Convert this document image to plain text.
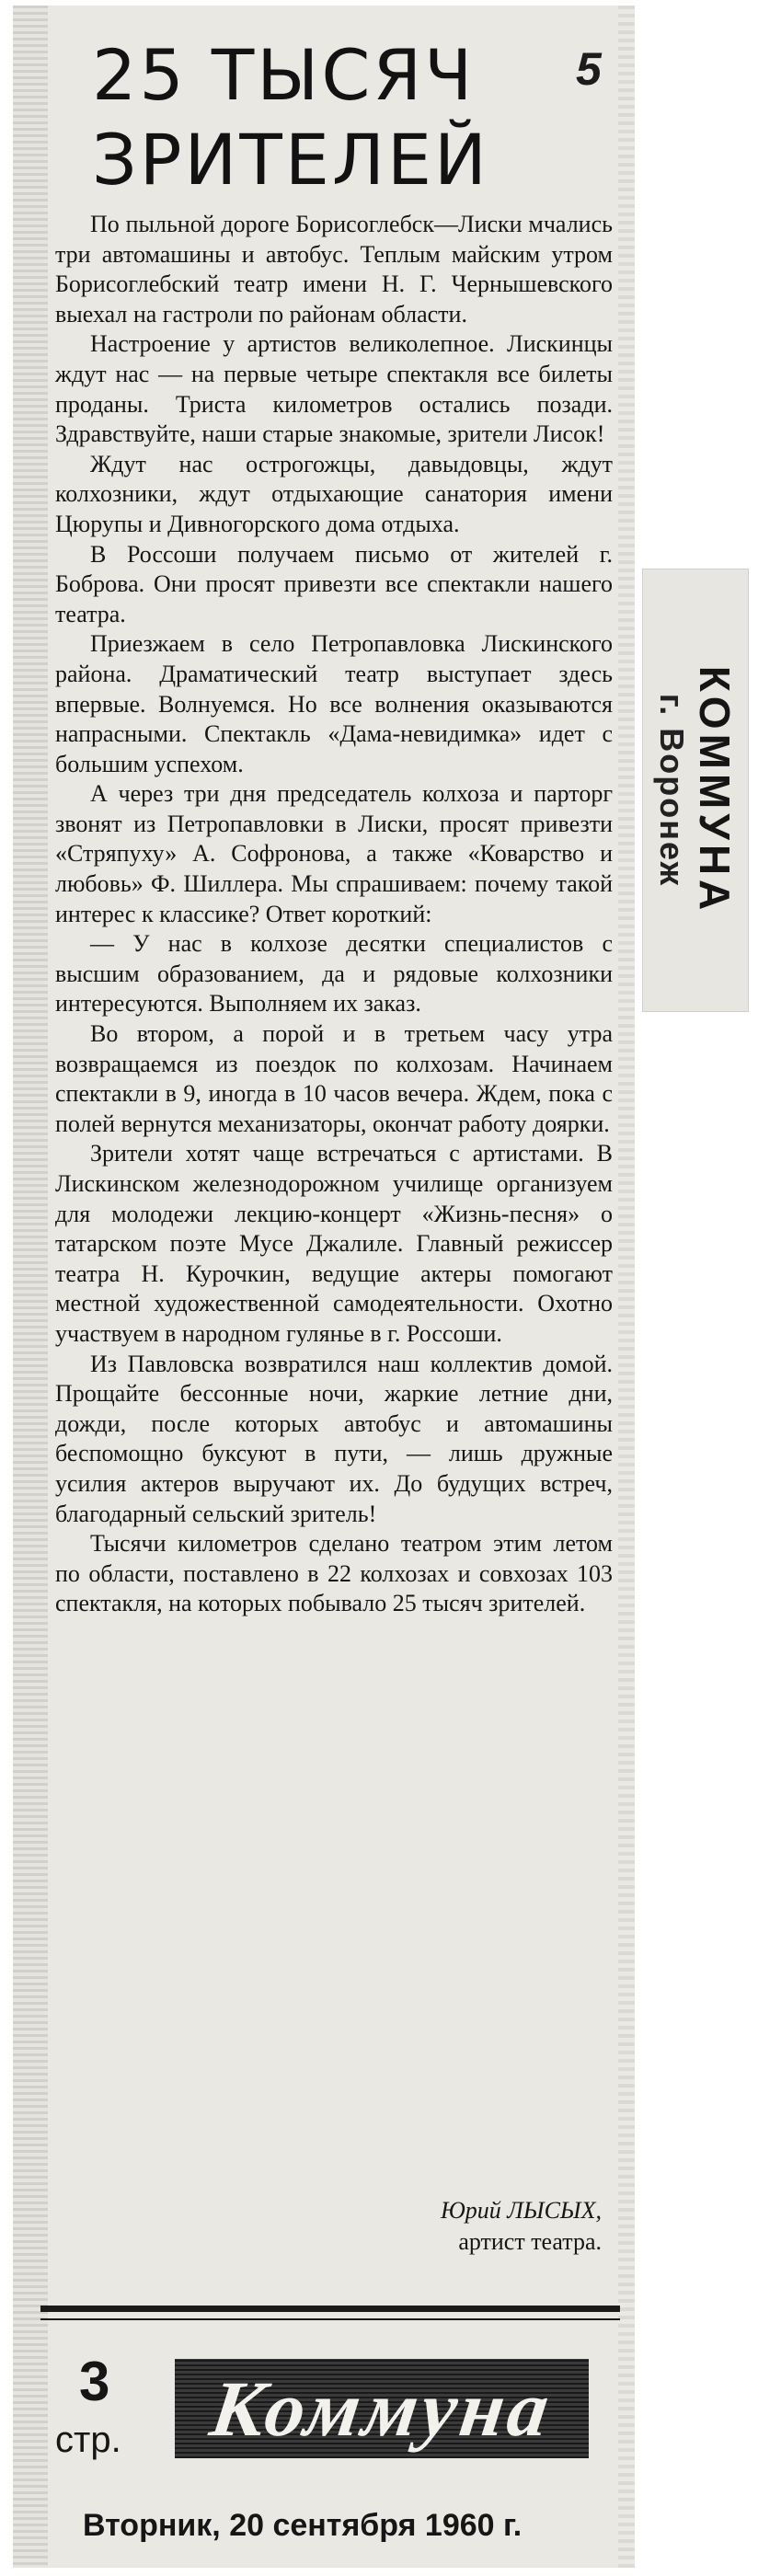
25 ТЫСЯЧ
ЗРИТЕЛЕЙ
5

По пыльной дороге Борисоглебск—Лиски мчались три автомашины и автобус. Теплым майским утром Борисоглебский театр имени Н. Г. Чернышевского выехал на гастроли по районам области.

Настроение у артистов великолепное. Лискинцы ждут нас — на первые четыре спектакля все билеты проданы. Триста километров остались позади. Здравствуйте, наши старые знакомые, зрители Лисок!

Ждут нас острогожцы, давыдовцы, ждут колхозники, ждут отдыхающие санатория имени Цюрупы и Дивногорского дома отдыха.

В Россоши получаем письмо от жителей г. Боброва. Они просят привезти все спектакли нашего театра.

Приезжаем в село Петропавловка Лискинского района. Драматический театр выступает здесь впервые. Волнуемся. Но все волнения оказываются напрасными. Спектакль «Дама-невидимка» идет с большим успехом.

А через три дня председатель колхоза и парторг звонят из Петропавловки в Лиски, просят привезти «Стряпуху» А. Софронова, а также «Коварство и любовь» Ф. Шиллера. Мы спрашиваем: почему такой интерес к классике? Ответ короткий:

— У нас в колхозе десятки специалистов с высшим образованием, да и рядовые колхозники интересуются. Выполняем их заказ.

Во втором, а порой и в третьем часу утра возвращаемся из поездок по колхозам. Начинаем спектакли в 9, иногда в 10 часов вечера. Ждем, пока с полей вернутся механизаторы, окончат работу доярки.

Зрители хотят чаще встречаться с артистами. В Лискинском железнодорожном училище организуем для молодежи лекцию-концерт «Жизнь-песня» о татарском поэте Мусе Джалиле. Главный режиссер театра Н. Курочкин, ведущие актеры помогают местной художественной самодеятельности. Охотно участвуем в народном гулянье в г. Россоши.

Из Павловска возвратился наш коллектив домой. Прощайте бессонные ночи, жаркие летние дни, дожди, после которых автобус и автомашины беспомощно буксуют в пути, — лишь дружные усилия актеров выручают их. До будущих встреч, благодарный сельский зритель!

Тысячи километров сделано театром этим летом по области, поставлено в 22 колхозах и совхозах 103 спектакля, на которых побывало 25 тысяч зрителей.

Юрий ЛЫСЫХ,
артист театра.
3
стр. Коммуна
Вторник, 20 сентября 1960 г.
КОММУНА
г. Воронеж
